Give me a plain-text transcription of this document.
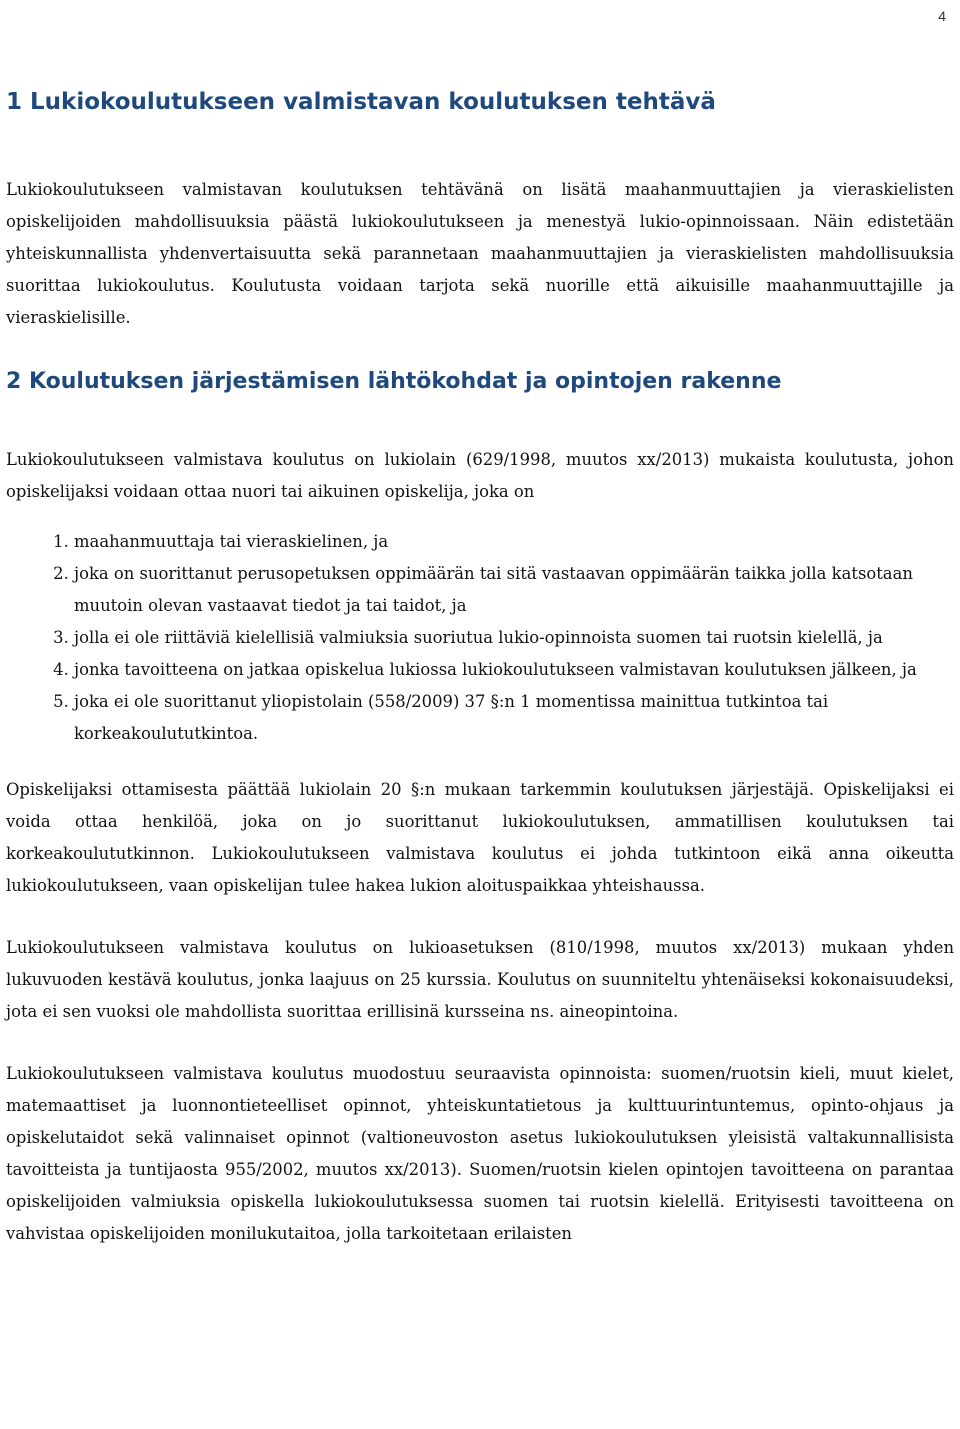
4
1 Lukiokoulutukseen valmistavan koulutuksen tehtävä

Lukiokoulutukseen valmistavan koulutuksen tehtävänä on lisätä maahanmuuttajien ja vieraskielisten opiskelijoiden mahdollisuuksia päästä lukiokoulutukseen ja menestyä lukio-opinnoissaan. Näin edistetään yhteiskunnallista yhdenvertaisuutta sekä parannetaan maahanmuuttajien ja vieraskielisten mahdollisuuksia suorittaa lukiokoulutus. Koulutusta voidaan tarjota sekä nuorille että aikuisille maahanmuuttajille ja vieraskielisille.

2 Koulutuksen järjestämisen lähtökohdat ja opintojen rakenne

Lukiokoulutukseen valmistava koulutus on lukiolain (629/1998, muutos xx/2013) mukaista koulutusta, johon opiskelijaksi voidaan ottaa nuori tai aikuinen opiskelija, joka on

1. maahanmuuttaja tai vieraskielinen, ja
2. joka on suorittanut perusopetuksen oppimäärän tai sitä vastaavan oppimäärän taikka jolla katsotaan muutoin olevan vastaavat tiedot ja tai taidot, ja
3. jolla ei ole riittäviä kielellisiä valmiuksia suoriutua lukio-opinnoista suomen tai ruotsin kielellä, ja
4. jonka tavoitteena on jatkaa opiskelua lukiossa lukiokoulutukseen valmistavan koulutuksen jälkeen, ja
5. joka ei ole suorittanut yliopistolain (558/2009) 37 §:n 1 momentissa mainittua tutkintoa tai korkeakoulututkintoa.

Opiskelijaksi ottamisesta päättää lukiolain 20 §:n mukaan tarkemmin koulutuksen järjestäjä. Opiskelijaksi ei voida ottaa henkilöä, joka on jo suorittanut lukiokoulutuksen, ammatillisen koulutuksen tai korkeakoulututkinnon. Lukiokoulutukseen valmistava koulutus ei johda tutkintoon eikä anna oikeutta lukiokoulutukseen, vaan opiskelijan tulee hakea lukion aloituspaikkaa yhteishaussa.

Lukiokoulutukseen valmistava koulutus on lukioasetuksen (810/1998, muutos xx/2013) mukaan yhden lukuvuoden kestävä koulutus, jonka laajuus on 25 kurssia. Koulutus on suunniteltu yhtenäiseksi kokonaisuudeksi, jota ei sen vuoksi ole mahdollista suorittaa erillisinä kursseina ns. aineopintoina.

Lukiokoulutukseen valmistava koulutus muodostuu seuraavista opinnoista: suomen/ruotsin kieli, muut kielet, matemaattiset ja luonnontieteelliset opinnot, yhteiskuntatietous ja kulttuurintuntemus, opinto-ohjaus ja opiskelutaidot sekä valinnaiset opinnot (valtioneuvoston asetus lukiokoulutuksen yleisistä valtakunnallisista tavoitteista ja tuntijaosta 955/2002, muutos xx/2013). Suomen/ruotsin kielen opintojen tavoitteena on parantaa opiskelijoiden valmiuksia opiskella lukiokoulutuksessa suomen tai ruotsin kielellä. Erityisesti tavoitteena on vahvistaa opiskelijoiden monilukutaitoa, jolla tarkoitetaan erilaisten
